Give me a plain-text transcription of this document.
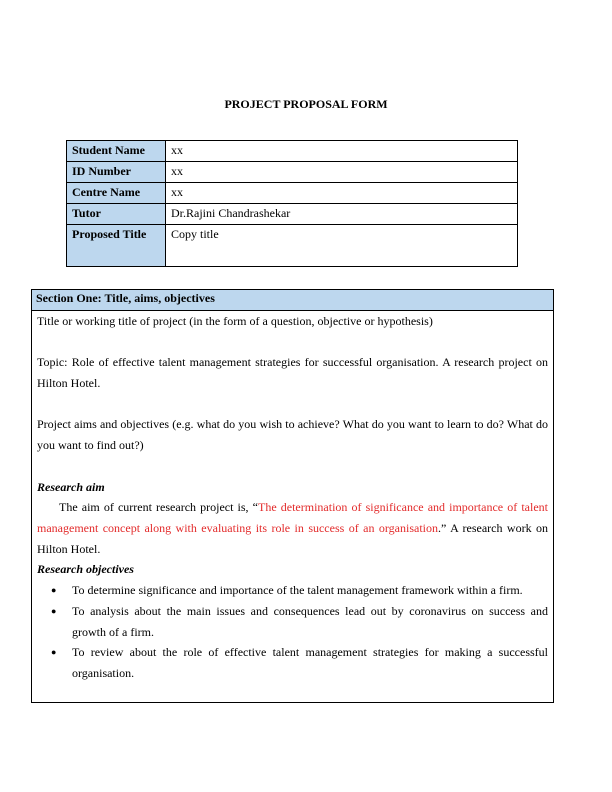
PROJECT PROPOSAL FORM
Student Name	xx
ID Number	xx
Centre Name	xx
Tutor	Dr.Rajini Chandrashekar
Proposed Title	Copy title
Section One: Title, aims, objectives

Title or working title of project (in the form of a question, objective or hypothesis)

Topic: Role of effective talent management strategies for successful organisation. A research project on Hilton Hotel.

Project aims and objectives (e.g. what do you wish to achieve? What do you want to learn to do? What do you want to find out?)

Research aim

The aim of current research project is, “The determination of significance and importance of talent management concept along with evaluating its role in success of an organisation.” A research work on Hilton Hotel.

Research objectives

● To determine significance and importance of the talent management framework within a firm.
● To analysis about the main issues and consequences lead out by coronavirus on success and growth of a firm.
● To review about the role of effective talent management strategies for making a successful organisation.
